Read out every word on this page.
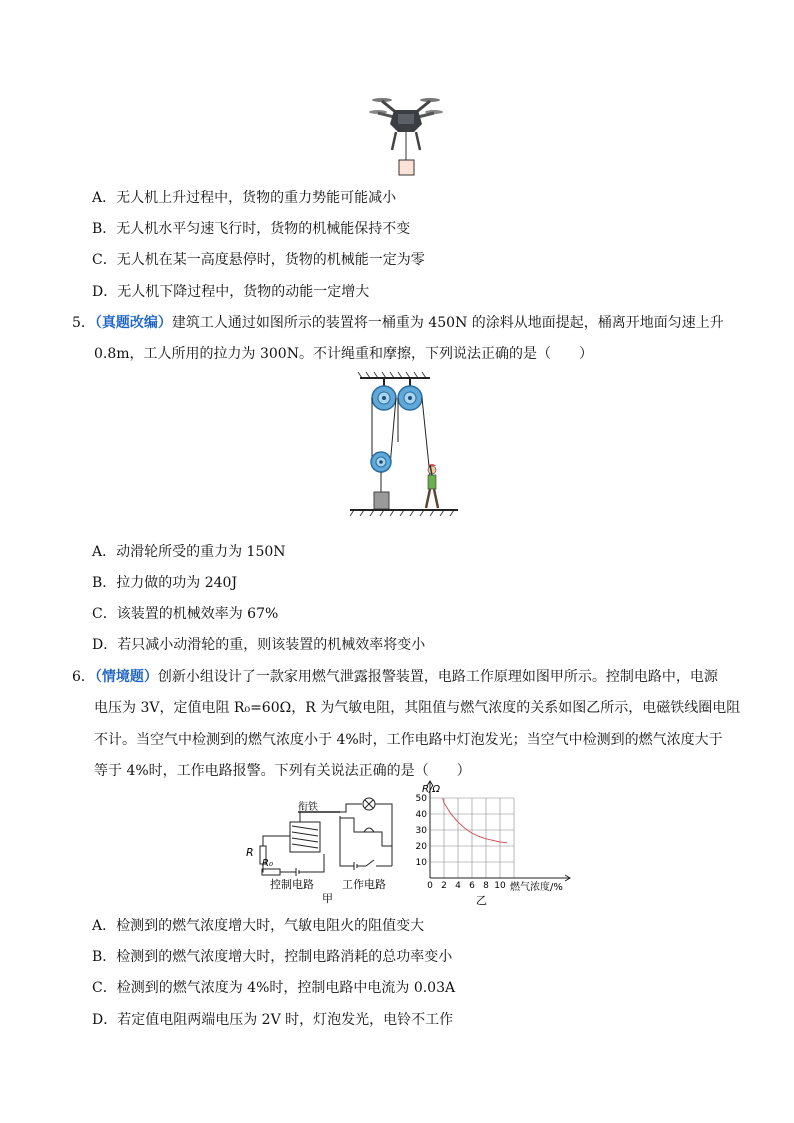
A．无人机上升过程中，货物的重力势能可能减小
B．无人机水平匀速飞行时，货物的机械能保持不变
C．无人机在某一高度悬停时，货物的机械能一定为零
D．无人机下降过程中，货物的动能一定增大
5．（真题改编）建筑工人通过如图所示的装置将一桶重为 450N 的涂料从地面提起，桶离开地面匀速上升
0.8m，工人所用的拉力为 300N。不计绳重和摩擦，下列说法正确的是（　　）
A．动滑轮所受的重力为 150N
B．拉力做的功为 240J
C．该装置的机械效率为 67%
D．若只减小动滑轮的重，则该装置的机械效率将变小
6．（情境题）创新小组设计了一款家用燃气泄露报警装置，电路工作原理如图甲所示。控制电路中，电源
电压为 3V，定值电阻 R₀=60Ω，R 为气敏电阻，其阻值与燃气浓度的关系如图乙所示，电磁铁线圈电阻
不计。当空气中检测到的燃气浓度小于 4%时，工作电路中灯泡发光；当空气中检测到的燃气浓度大于
等于 4%时，工作电路报警。下列有关说法正确的是（　　）
衔铁
R
R₀
控制电路	工作电路
甲
0 2 4 6 8 10
10
20
30
40
50
R/Ω
燃气浓度/%
乙
A．检测到的燃气浓度增大时，气敏电阻火的阻值变大
B．检测到的燃气浓度增大时，控制电路消耗的总功率变小
C．检测到的燃气浓度为 4%时，控制电路中电流为 0.03A
D．若定值电阻两端电压为 2V 时，灯泡发光，电铃不工作
